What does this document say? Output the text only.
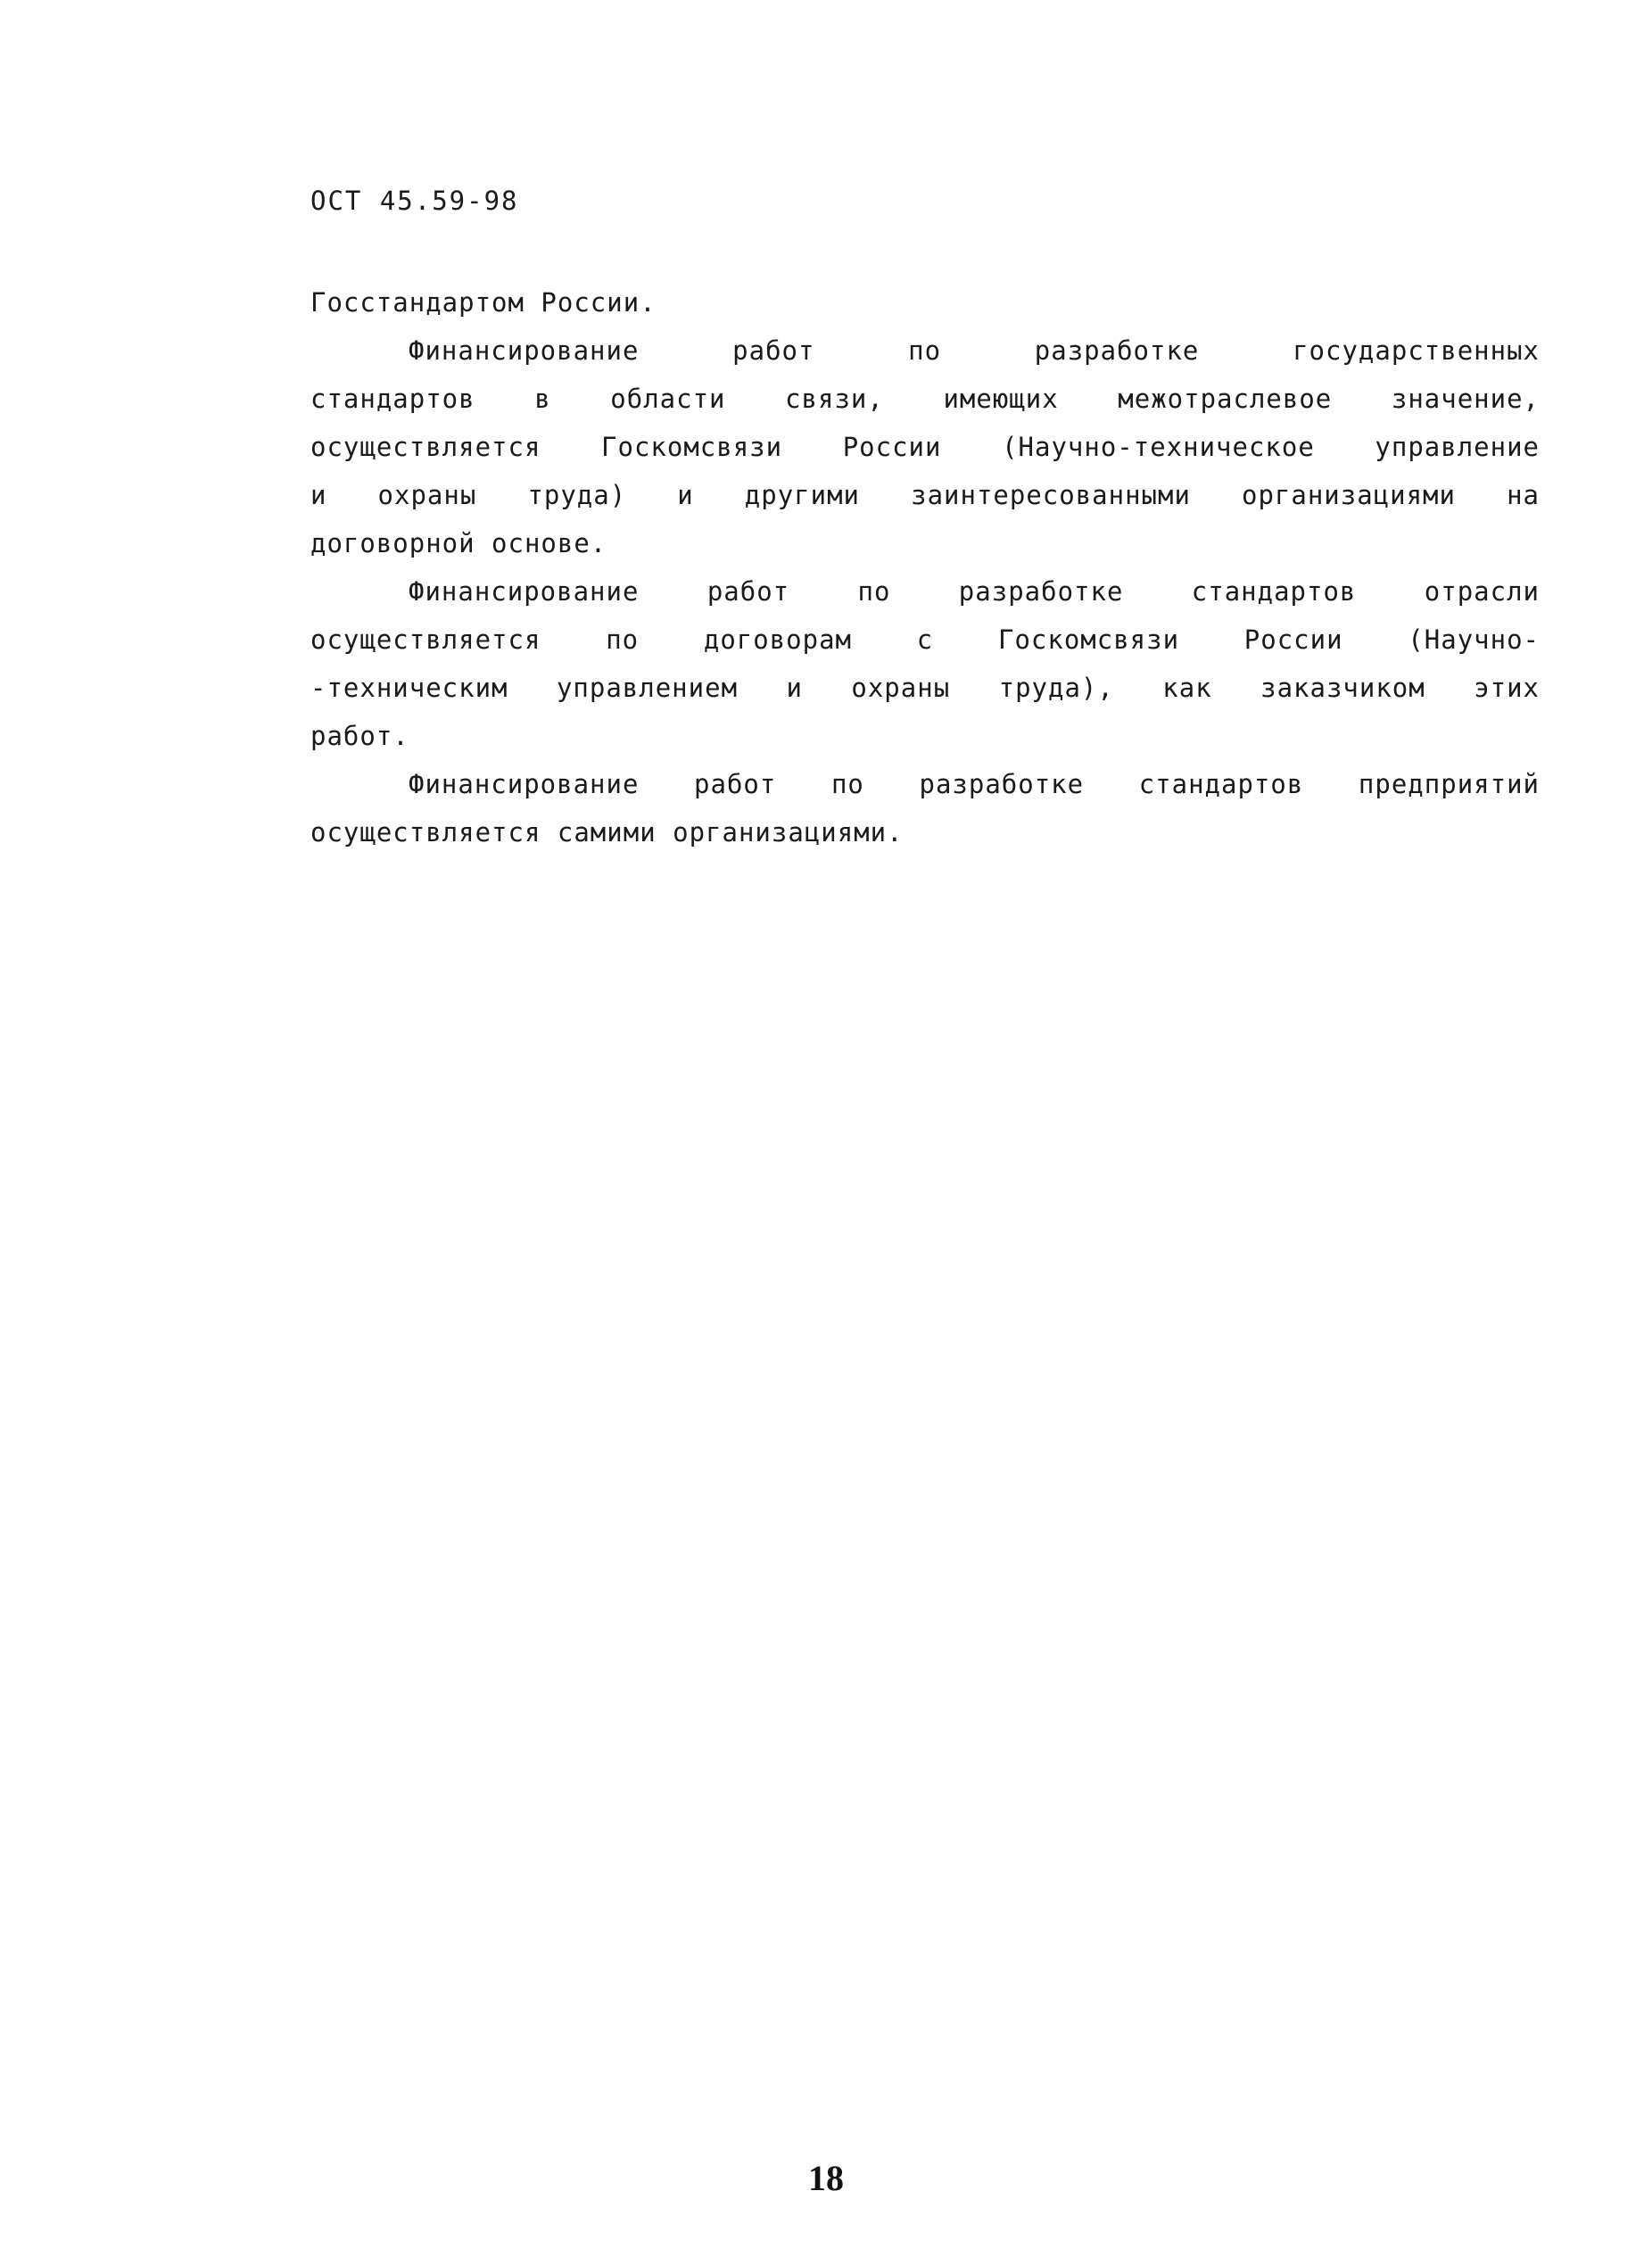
ОСТ 45.59-98
Госстандартом России.
Финансирование работ по разработке государственных
стандартов в области связи, имеющих межотраслевое значение,
осуществляется Госкомсвязи России (Научно-техническое управление
и охраны труда) и другими заинтересованными организациями на
договорной основе.
Финансирование работ по разработке стандартов отрасли
осуществляется по договорам с Госкомсвязи России (Научно-
-техническим управлением и охраны труда), как заказчиком этих
работ.
Финансирование работ по разработке стандартов предприятий
осуществляется самими организациями.
18
